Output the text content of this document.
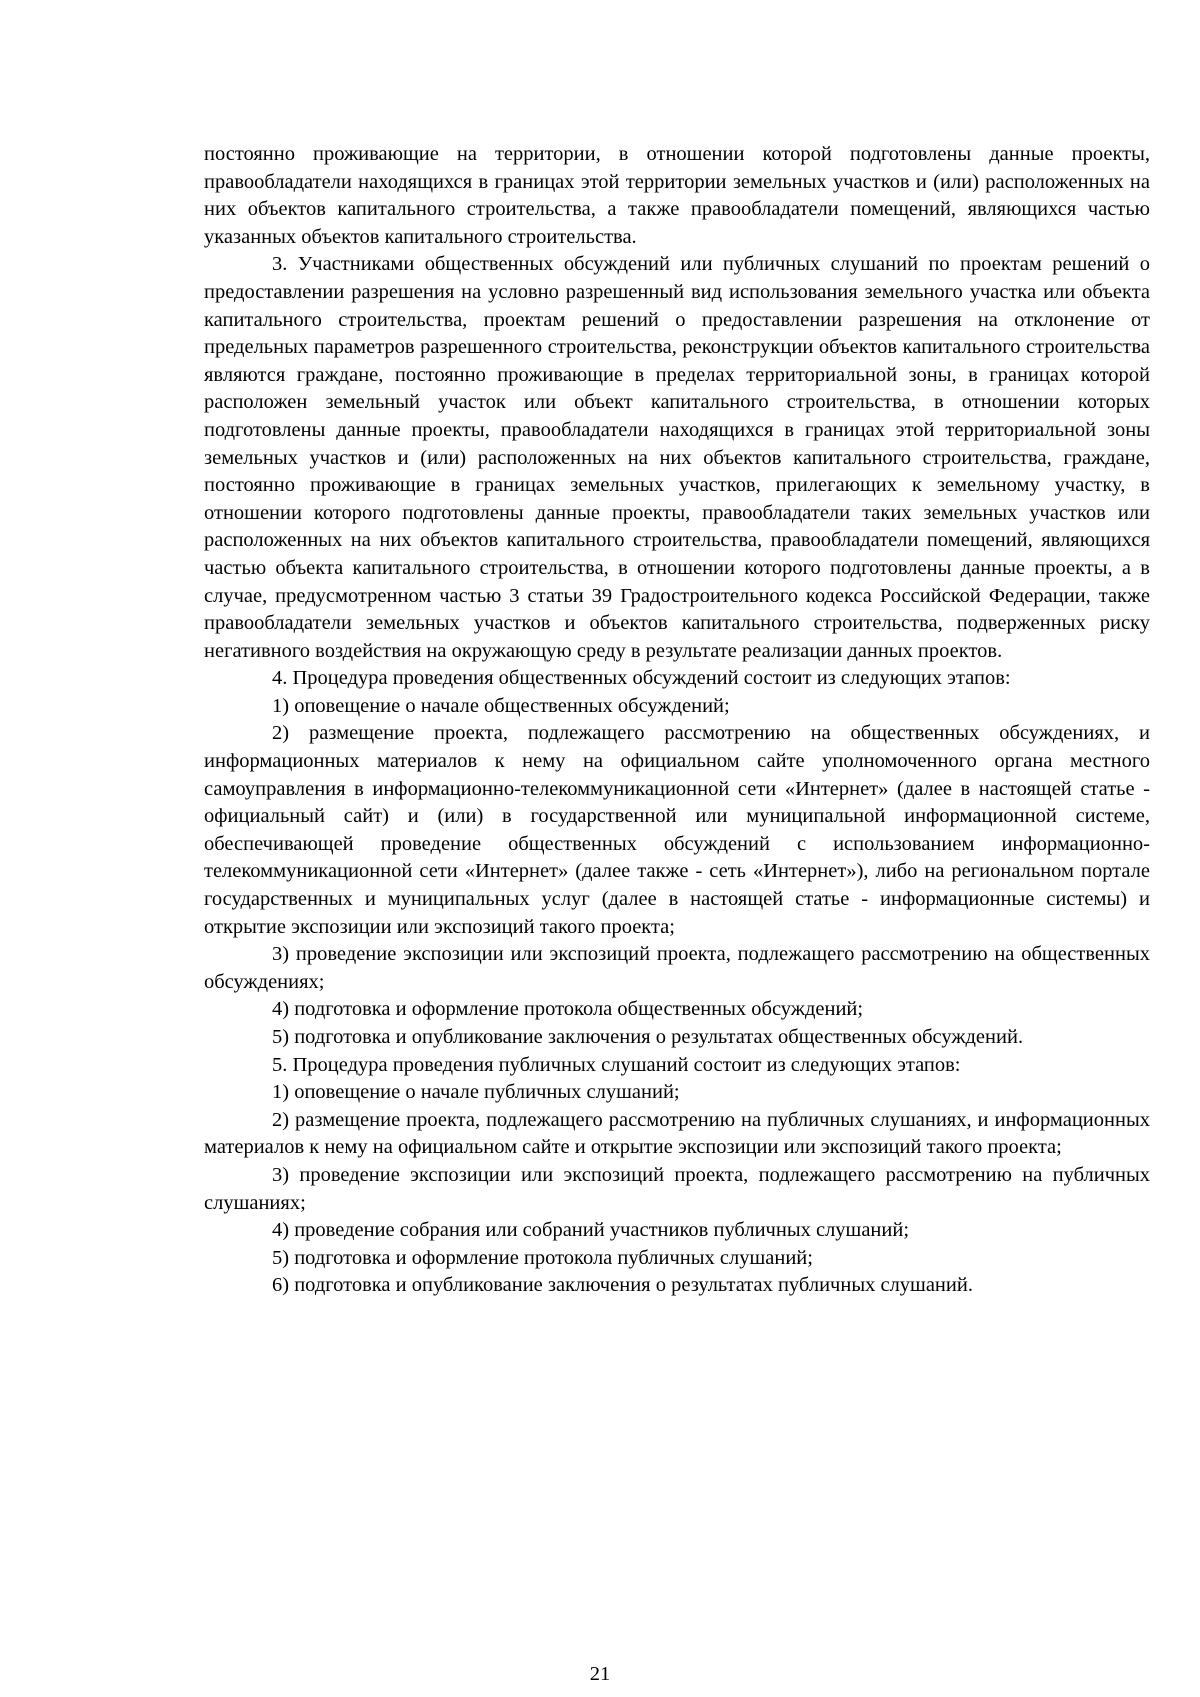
постоянно проживающие на территории, в отношении которой подготовлены данные проекты, правообладатели находящихся в границах этой территории земельных участков и (или) расположенных на них объектов капитального строительства, а также правообладатели помещений, являющихся частью указанных объектов капитального строительства.

3. Участниками общественных обсуждений или публичных слушаний по проектам решений о предоставлении разрешения на условно разрешенный вид использования земельного участка или объекта капитального строительства, проектам решений о предоставлении разрешения на отклонение от предельных параметров разрешенного строительства, реконструкции объектов капитального строительства являются граждане, постоянно проживающие в пределах территориальной зоны, в границах которой расположен земельный участок или объект капитального строительства, в отношении которых подготовлены данные проекты, правообладатели находящихся в границах этой территориальной зоны земельных участков и (или) расположенных на них объектов капитального строительства, граждане, постоянно проживающие в границах земельных участков, прилегающих к земельному участку, в отношении которого подготовлены данные проекты, правообладатели таких земельных участков или расположенных на них объектов капитального строительства, правообладатели помещений, являющихся частью объекта капитального строительства, в отношении которого подготовлены данные проекты, а в случае, предусмотренном частью 3 статьи 39 Градостроительного кодекса Российской Федерации, также правообладатели земельных участков и объектов капитального строительства, подверженных риску негативного воздействия на окружающую среду в результате реализации данных проектов.

4. Процедура проведения общественных обсуждений состоит из следующих этапов:

1) оповещение о начале общественных обсуждений;

2) размещение проекта, подлежащего рассмотрению на общественных обсуждениях, и информационных материалов к нему на официальном сайте уполномоченного органа местного самоуправления в информационно-телекоммуникационной сети «Интернет» (далее в настоящей статье - официальный сайт) и (или) в государственной или муниципальной информационной системе, обеспечивающей проведение общественных обсуждений с использованием информационно-телекоммуникационной сети «Интернет» (далее также - сеть «Интернет»), либо на региональном портале государственных и муниципальных услуг (далее в настоящей статье - информационные системы) и открытие экспозиции или экспозиций такого проекта;

3) проведение экспозиции или экспозиций проекта, подлежащего рассмотрению на общественных обсуждениях;

4) подготовка и оформление протокола общественных обсуждений;

5) подготовка и опубликование заключения о результатах общественных обсуждений.

5. Процедура проведения публичных слушаний состоит из следующих этапов:

1) оповещение о начале публичных слушаний;

2) размещение проекта, подлежащего рассмотрению на публичных слушаниях, и информационных материалов к нему на официальном сайте и открытие экспозиции или экспозиций такого проекта;

3) проведение экспозиции или экспозиций проекта, подлежащего рассмотрению на публичных слушаниях;

4) проведение собрания или собраний участников публичных слушаний;

5) подготовка и оформление протокола публичных слушаний;

6) подготовка и опубликование заключения о результатах публичных слушаний.

21
